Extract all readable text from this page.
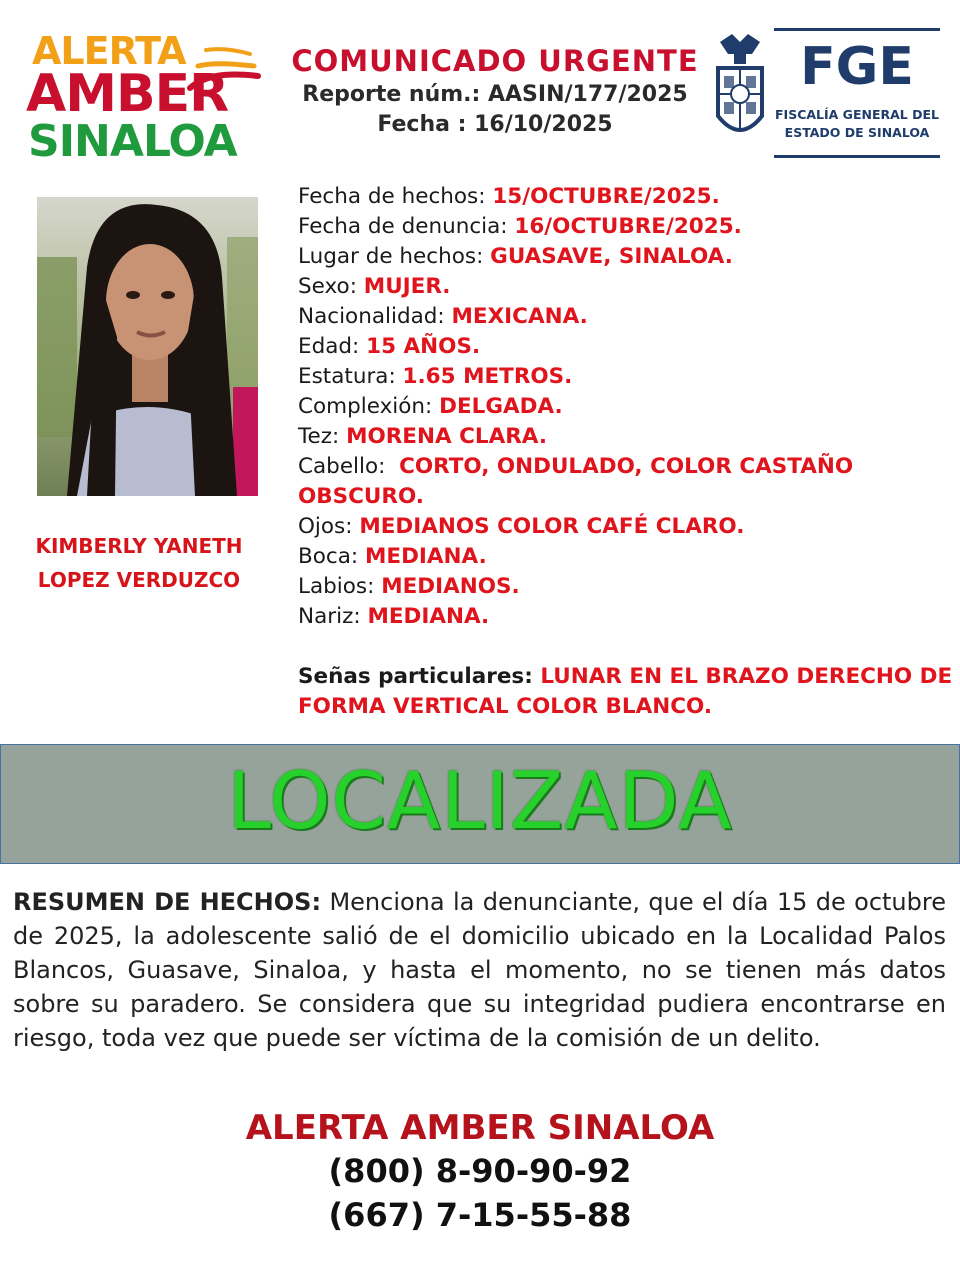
ALERTA
AMBER
SINALOA
COMUNICADO URGENTE
Reporte núm.: AASIN/177/2025
Fecha : 16/10/2025
FGE
FISCALÍA GENERAL DEL
ESTADO DE SINALOA
KIMBERLY YANETH
LOPEZ VERDUZCO
Fecha de hechos: 15/OCTUBRE/2025.
Fecha de denuncia: 16/OCTUBRE/2025.
Lugar de hechos: GUASAVE, SINALOA.
Sexo: MUJER.
Nacionalidad: MEXICANA.
Edad: 15 AÑOS.
Estatura: 1.65 METROS.
Complexión: DELGADA.
Tez: MORENA CLARA.
Cabello:  CORTO, ONDULADO, COLOR CASTAÑO OBSCURO.
Ojos: MEDIANOS COLOR CAFÉ CLARO.
Boca: MEDIANA.
Labios: MEDIANOS.
Nariz: MEDIANA.
Señas particulares: LUNAR EN EL BRAZO DERECHO DE FORMA VERTICAL COLOR BLANCO.
LOCALIZADA
RESUMEN DE HECHOS: Menciona la denunciante, que el día 15 de octubre de 2025, la adolescente salió de el domicilio ubicado en la Localidad Palos Blancos, Guasave, Sinaloa, y hasta el momento, no se tienen más datos sobre su paradero. Se considera que su integridad pudiera encontrarse en riesgo, toda vez que puede ser víctima de la comisión de un delito.
ALERTA AMBER SINALOA
(800) 8-90-90-92
(667) 7-15-55-88
